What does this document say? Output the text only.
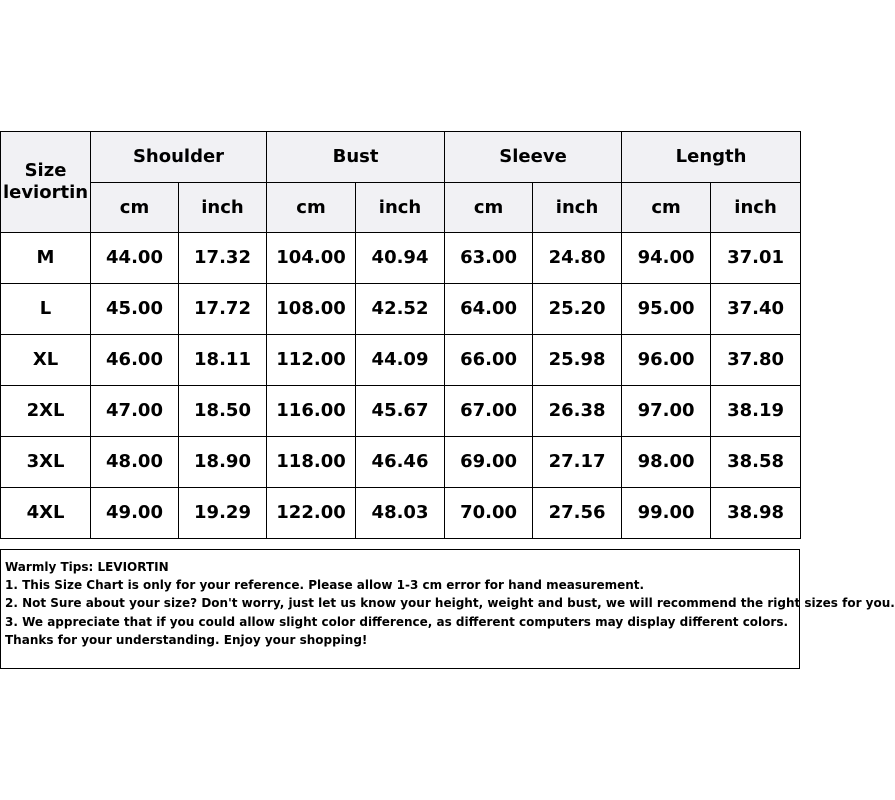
Size
leviortin	Shoulder		Bust		Sleeve		Length	
	cm	inch	cm	inch	cm	inch	cm	inch
M	44.00	17.32	104.00	40.94	63.00	24.80	94.00	37.01
L	45.00	17.72	108.00	42.52	64.00	25.20	95.00	37.40
XL	46.00	18.11	112.00	44.09	66.00	25.98	96.00	37.80
2XL	47.00	18.50	116.00	45.67	67.00	26.38	97.00	38.19
3XL	48.00	18.90	118.00	46.46	69.00	27.17	98.00	38.58
4XL	49.00	19.29	122.00	48.03	70.00	27.56	99.00	38.98
Warmly Tips: LEVIORTIN
1. This Size Chart is only for your reference. Please allow 1-3 cm error for hand measurement.
2. Not Sure about your size? Don't worry, just let us know your height, weight and bust, we will recommend the right sizes for you.
3. We appreciate that if you could allow slight color difference, as different computers may display different colors.
Thanks for your understanding. Enjoy your shopping!
